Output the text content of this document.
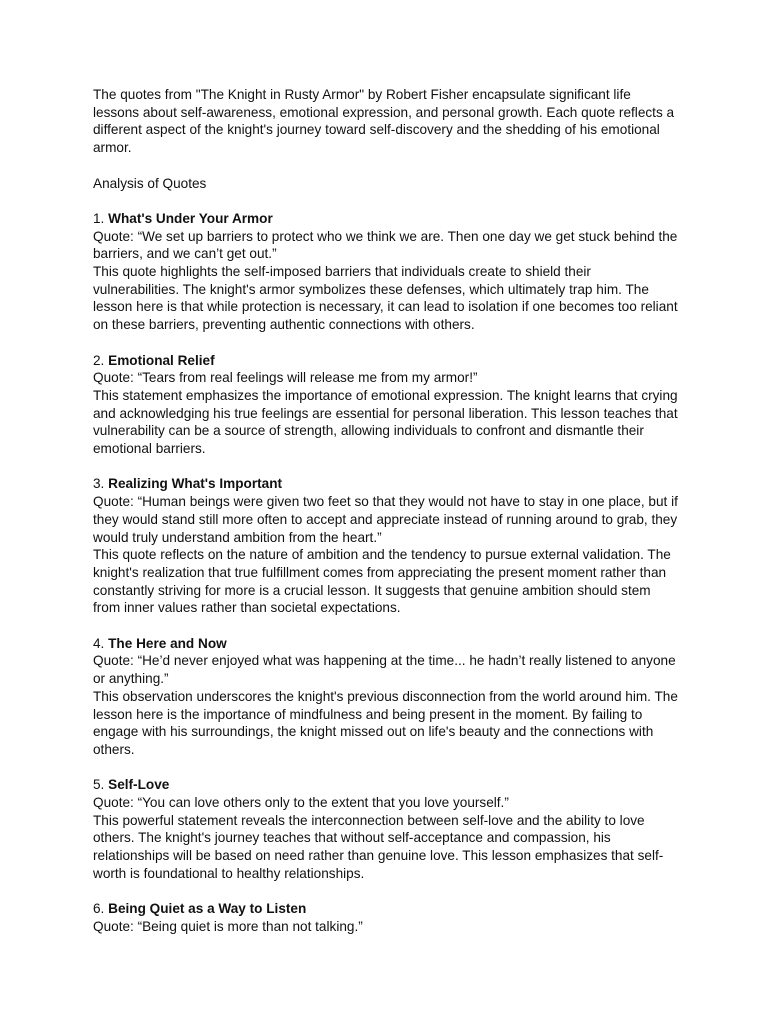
The quotes from "The Knight in Rusty Armor" by Robert Fisher encapsulate significant life lessons about self-awareness, emotional expression, and personal growth. Each quote reflects a different aspect of the knight's journey toward self-discovery and the shedding of his emotional armor.

Analysis of Quotes

1. What's Under Your Armor

Quote: “We set up barriers to protect who we think we are. Then one day we get stuck behind the barriers, and we can’t get out.”

This quote highlights the self-imposed barriers that individuals create to shield their vulnerabilities. The knight's armor symbolizes these defenses, which ultimately trap him. The lesson here is that while protection is necessary, it can lead to isolation if one becomes too reliant on these barriers, preventing authentic connections with others.

2. Emotional Relief

Quote: “Tears from real feelings will release me from my armor!”

This statement emphasizes the importance of emotional expression. The knight learns that crying and acknowledging his true feelings are essential for personal liberation. This lesson teaches that vulnerability can be a source of strength, allowing individuals to confront and dismantle their emotional barriers.

3. Realizing What's Important

Quote: “Human beings were given two feet so that they would not have to stay in one place, but if they would stand still more often to accept and appreciate instead of running around to grab, they would truly understand ambition from the heart.”

This quote reflects on the nature of ambition and the tendency to pursue external validation. The knight's realization that true fulfillment comes from appreciating the present moment rather than constantly striving for more is a crucial lesson. It suggests that genuine ambition should stem from inner values rather than societal expectations.

4. The Here and Now

Quote: “He’d never enjoyed what was happening at the time... he hadn’t really listened to anyone or anything.”

This observation underscores the knight's previous disconnection from the world around him. The lesson here is the importance of mindfulness and being present in the moment. By failing to engage with his surroundings, the knight missed out on life's beauty and the connections with others.

5. Self-Love

Quote: “You can love others only to the extent that you love yourself.”

This powerful statement reveals the interconnection between self-love and the ability to love others. The knight's journey teaches that without self-acceptance and compassion, his relationships will be based on need rather than genuine love. This lesson emphasizes that self-worth is foundational to healthy relationships.

6. Being Quiet as a Way to Listen

Quote: “Being quiet is more than not talking.”
